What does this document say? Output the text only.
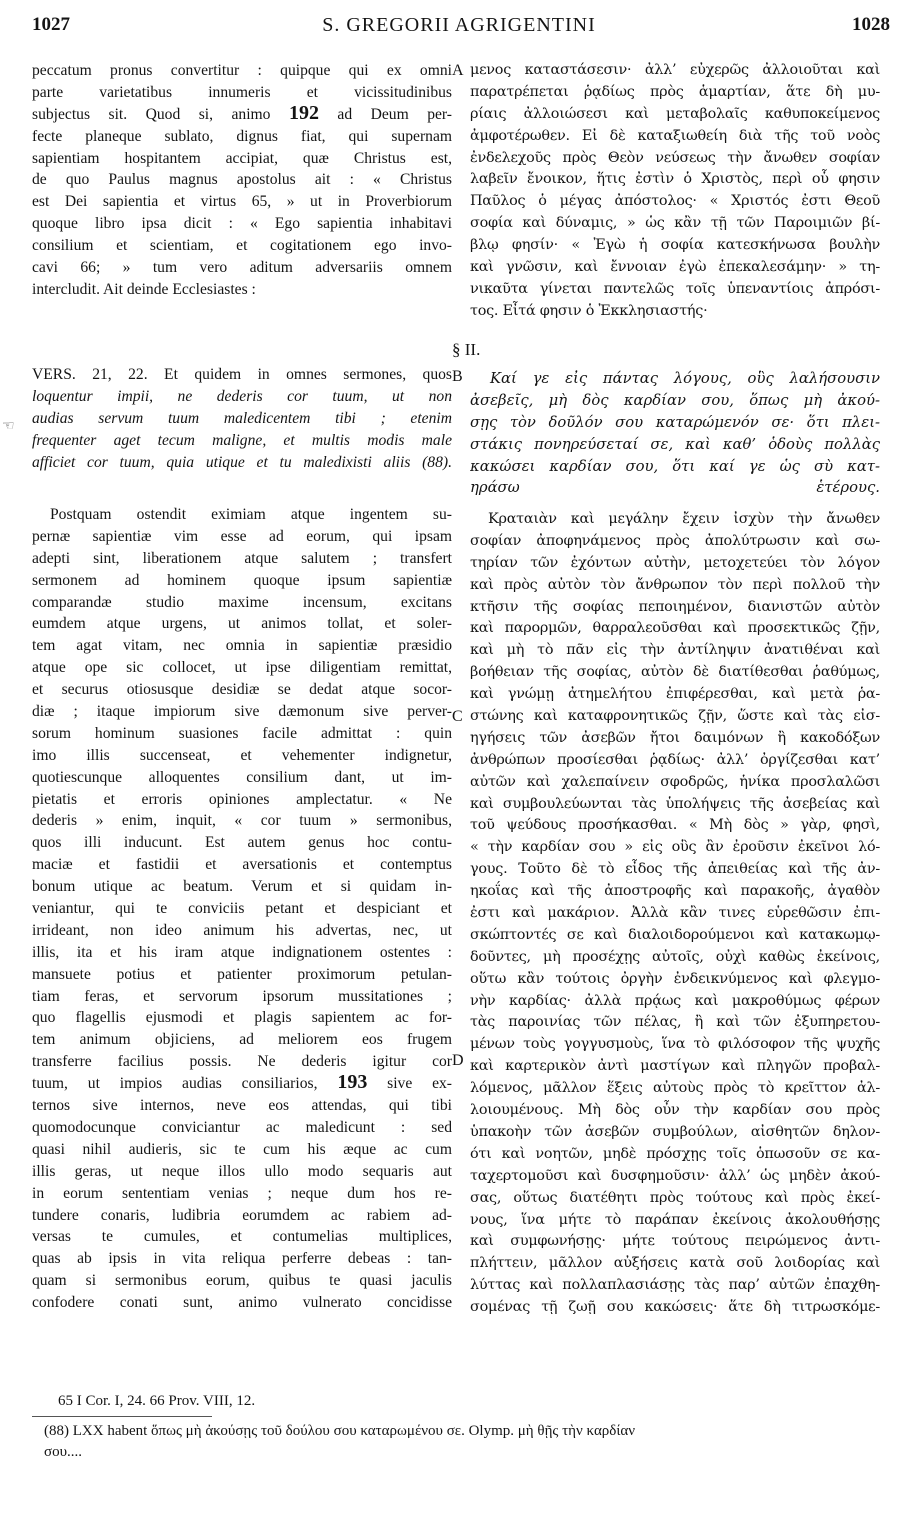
1027	S. GREGORII AGRIGENTINI	1028
peccatum pronus convertitur : quipque qui ex omni
parte varietatibus innumeris et vicissitudinibus
subjectus sit. Quod si, animo 192 ad Deum per-
fecte planeque sublato, dignus fiat, qui supernam
sapientiam hospitantem accipiat, quæ Christus est,
de quo Paulus magnus apostolus ait : « Christus
est Dei sapientia et virtus 65, » ut in Proverbiorum
quoque libro ipsa dicit : « Ego sapientia inhabitavi
consilium et scientiam, et cogitationem ego invo-
cavi 66; » tum vero aditum adversariis omnem
intercludit. Ait deinde Ecclesiastes :
μενος καταστάσεσιν· ἀλλ’ εὐχερῶς ἀλλοιοῦται καὶ
παρατρέπεται ῥᾳδίως πρὸς ἁμαρτίαν, ἅτε δὴ μυ-
ρίαις ἀλλοιώσεσι καὶ μεταβολαῖς καθυποκείμενος
ἀμφοτέρωθεν. Εἰ δὲ καταξιωθείη διὰ τῆς τοῦ νοὸς
ἐνδελεχοῦς πρὸς Θεὸν νεύσεως τὴν ἄνωθεν σοφίαν
λαβεῖν ἔνοικον, ἥτις ἐστὶν ὁ Χριστὸς, περὶ οὗ φησιν
Παῦλος ὁ μέγας ἀπόστολος· « Χριστός ἐστι Θεοῦ
σοφία καὶ δύναμις, » ὡς κἂν τῇ τῶν Παροιμιῶν βί-
βλῳ φησίν· « Ἐγὼ ἡ σοφία κατεσκήνωσα βουλὴν
καὶ γνῶσιν, καὶ ἔννοιαν ἐγὼ ἐπεκαλεσάμην· » τη-
νικαῦτα γίνεται παντελῶς τοῖς ὑπεναντίοις ἀπρόσι-
τος. Εἶτά φησιν ὁ Ἐκκλησιαστής·
§ II.
VERS. 21, 22. Et quidem in omnes sermones, quos
loquentur impii, ne dederis cor tuum, ut non
audias servum tuum maledicentem tibi ; etenim
frequenter aget tecum maligne, et multis modis male
afficiet cor tuum, quia utique et tu maledixisti aliis (88).
Καί γε εἰς πάντας λόγους, οὓς λαλήσουσιν
ἀσεβεῖς, μὴ δὸς καρδίαν σου, ὅπως μὴ ἀκού-
σῃς τὸν δοῦλόν σου καταρώμενόν σε· ὅτι πλει-
στάκις πονηρεύσεταί σε, καὶ καθ’ ὁδοὺς πολλὰς
κακώσει καρδίαν σου, ὅτι καί γε ὡς σὺ κατ-
ηράσω ἑτέρους.
Postquam ostendit eximiam atque ingentem su-
pernæ sapientiæ vim esse ad eorum, qui ipsam
adepti sint, liberationem atque salutem ; transfert
sermonem ad hominem quoque ipsum sapientiæ
comparandæ studio maxime incensum, excitans
eumdem atque urgens, ut animos tollat, et soler-
tem agat vitam, nec omnia in sapientiæ præsidio
atque ope sic collocet, ut ipse diligentiam remittat,
et securus otiosusque desidiæ se dedat atque socor-
diæ ; itaque impiorum sive dæmonum sive perver-
sorum hominum suasiones facile admittat : quin
imo illis succenseat, et vehementer indignetur,
quotiescunque alloquentes consilium dant, ut im-
pietatis et erroris opiniones amplectatur. « Ne
dederis » enim, inquit, « cor tuum » sermonibus,
quos illi inducunt. Est autem genus hoc contu-
maciæ et fastidii et aversationis et contemptus
bonum utique ac beatum. Verum et si quidam in-
veniantur, qui te conviciis petant et despiciant et
irrideant, non ideo animum his advertas, nec, ut
illis, ita et his iram atque indignationem ostentes :
mansuete potius et patienter proximorum petulan-
tiam feras, et servorum ipsorum mussitationes ;
quo flagellis ejusmodi et plagis sapientem ac for-
tem animum objiciens, ad meliorem eos frugem
transferre facilius possis. Ne dederis igitur cor
tuum, ut impios audias consiliarios, 193 sive ex-
ternos sive internos, neve eos attendas, qui tibi
quomodocunque conviciantur ac maledicunt : sed
quasi nihil audieris, sic te cum his æque ac cum
illis geras, ut neque illos ullo modo sequaris aut
in eorum sententiam venias ; neque dum hos re-
tundere conaris, ludibria eorumdem ac rabiem ad-
versas te cumules, et contumelias multiplices,
quas ab ipsis in vita reliqua perferre debeas : tan-
quam si sermonibus eorum, quibus te quasi jaculis
confodere conati sunt, animo vulnerato concidisse
Κραταιὰν καὶ μεγάλην ἔχειν ἰσχὺν τὴν ἄνωθεν
σοφίαν ἀποφηνάμενος πρὸς ἀπολύτρωσιν καὶ σω-
τηρίαν τῶν ἐχόντων αὐτὴν, μετοχετεύει τὸν λόγον
καὶ πρὸς αὐτὸν τὸν ἄνθρωπον τὸν περὶ πολλοῦ τὴν
κτῆσιν τῆς σοφίας πεποιημένον, διανιστῶν αὐτὸν
καὶ παρορμῶν, θαρραλεοῦσθαι καὶ προσεκτικῶς ζῇν,
καὶ μὴ τὸ πᾶν εἰς τὴν ἀντίληψιν ἀνατιθέναι καὶ
βοήθειαν τῆς σοφίας, αὐτὸν δὲ διατίθεσθαι ῥαθύμως,
καὶ γνώμῃ ἀτημελήτου ἐπιφέρεσθαι, καὶ μετὰ ῥα-
στώνης καὶ καταφρονητικῶς ζῇν, ὥστε καὶ τὰς εἰσ-
ηγήσεις τῶν ἀσεβῶν ἤτοι δαιμόνων ἢ κακοδόξων
ἀνθρώπων προσίεσθαι ῥᾳδίως· ἀλλ’ ὀργίζεσθαι κατ’
αὐτῶν καὶ χαλεπαίνειν σφοδρῶς, ἡνίκα προσλαλῶσι
καὶ συμβουλεύωνται τὰς ὑπολήψεις τῆς ἀσεβείας καὶ
τοῦ ψεύδους προσήκασθαι. « Μὴ δὸς » γὰρ, φησὶ,
« τὴν καρδίαν σου » εἰς οὓς ἂν ἐροῦσιν ἐκεῖνοι λό-
γους. Τοῦτο δὲ τὸ εἶδος τῆς ἀπειθείας καὶ τῆς ἀν-
ηκοΐας καὶ τῆς ἀποστροφῆς καὶ παρακοῆς, ἀγαθὸν
ἐστι καὶ μακάριον. Ἀλλὰ κἂν τινες εὑρεθῶσιν ἐπι-
σκώπτοντές σε καὶ διαλοιδορούμενοι καὶ κατακωμῳ-
δοῦντες, μὴ προσέχῃς αὐτοῖς, οὐχὶ καθὼς ἐκείνοις,
οὕτω κἂν τούτοις ὀργὴν ἐνδεικνύμενος καὶ φλεγμο-
νὴν καρδίας· ἀλλὰ πρᾴως καὶ μακροθύμως φέρων
τὰς παροινίας τῶν πέλας, ἢ καὶ τῶν ἐξυπηρετου-
μένων τοὺς γογγυσμοὺς, ἵνα τὸ φιλόσοφον τῆς ψυχῆς
καὶ καρτερικὸν ἀντὶ μαστίγων καὶ πληγῶν προβαλ-
λόμενος, μᾶλλον ἕξεις αὐτοὺς πρὸς τὸ κρεῖττον ἀλ-
λοιουμένους. Μὴ δὸς οὖν τὴν καρδίαν σου πρὸς
ὑπακοὴν τῶν ἀσεβῶν συμβούλων, αἰσθητῶν δηλον-
ότι καὶ νοητῶν, μηδὲ πρόσχῃς τοῖς ὁπωσοῦν σε κα-
ταχερτομοῦσι καὶ δυσφημοῦσιν· ἀλλ’ ὡς μηδὲν ἀκού-
σας, οὕτως διατέθητι πρὸς τούτους καὶ πρὸς ἐκεί-
νους, ἵνα μήτε τὸ παράπαν ἐκείνοις ἀκολουθήσῃς
καὶ συμφωνήσῃς· μήτε τούτους πειρώμενος ἀντι-
πλήττειν, μᾶλλον αὐξήσεις κατὰ σοῦ λοιδορίας καὶ
λύττας καὶ πολλαπλασιάσῃς τὰς παρ’ αὐτῶν ἐπαχθη-
σομένας τῇ ζωῇ σου κακώσεις· ἅτε δὴ τιτρωσκόμε-
A
B
C
D
☜
65 I Cor. I, 24. 66 Prov. VIII, 12.
(88) LXX habent ὅπως μὴ ἀκούσῃς τοῦ δούλου σου καταρωμένου σε. Olymp. μὴ θῇς τὴν καρδίαν
σου....
